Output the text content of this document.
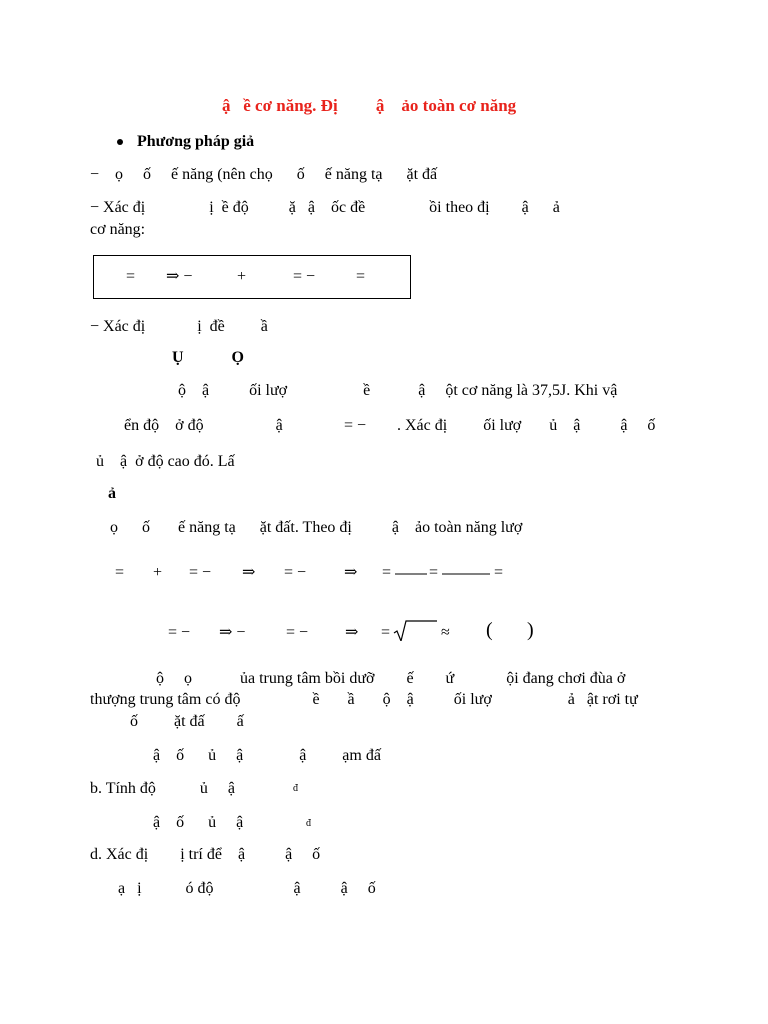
ậ   ề cơ năng. Đị         ậ    ảo toàn cơ năng
Phương pháp giả
−    ọ     ố     ế năng (nên chọ      ố     ế năng tạ      ặt đấ
− Xác đị                ị  ề độ          ặ   ậ    ốc đề                ồi theo đị        ậ      ả
cơ năng:
= ⇒ −	+	= −	=
− Xác đị             ị  đề         ầ
Ụ            Ọ
ộ    ậ          ối lượ                   ề            ậ     ột cơ năng là 37,5J. Khi vậ
ển độ    ở độ                  ậ	= − . Xác đị         ối lượ       ủ    ậ          ậ     ố
ủ    ậ  ở độ cao đó. Lấ
ả
ọ      ố       ế năng tạ      ặt đất. Theo đị          ậ    ảo toàn năng lượ
= + = − ⇒ = − ⇒ = =	=
= − ⇒ −	= − ⇒ =	≈ ( )
ộ     ọ            ủa trung tâm bồi dưỡ        ế        ứ             ội đang chơi đùa ở
thượng trung tâm có độ                  ề       ầ       ộ    ậ          ối lượ                   ả   ật rơi tự
ố         ặt đấ        ấ
ậ    ố      ủ     ậ              ậ         ạm đấ
b. Tính độ           ủ     ậ	đ
ậ    ố      ủ     ậ	đ
d. Xác đị        ị trí để    ậ          ậ     ố
ạ   ị           ó độ                    ậ          ậ     ố
